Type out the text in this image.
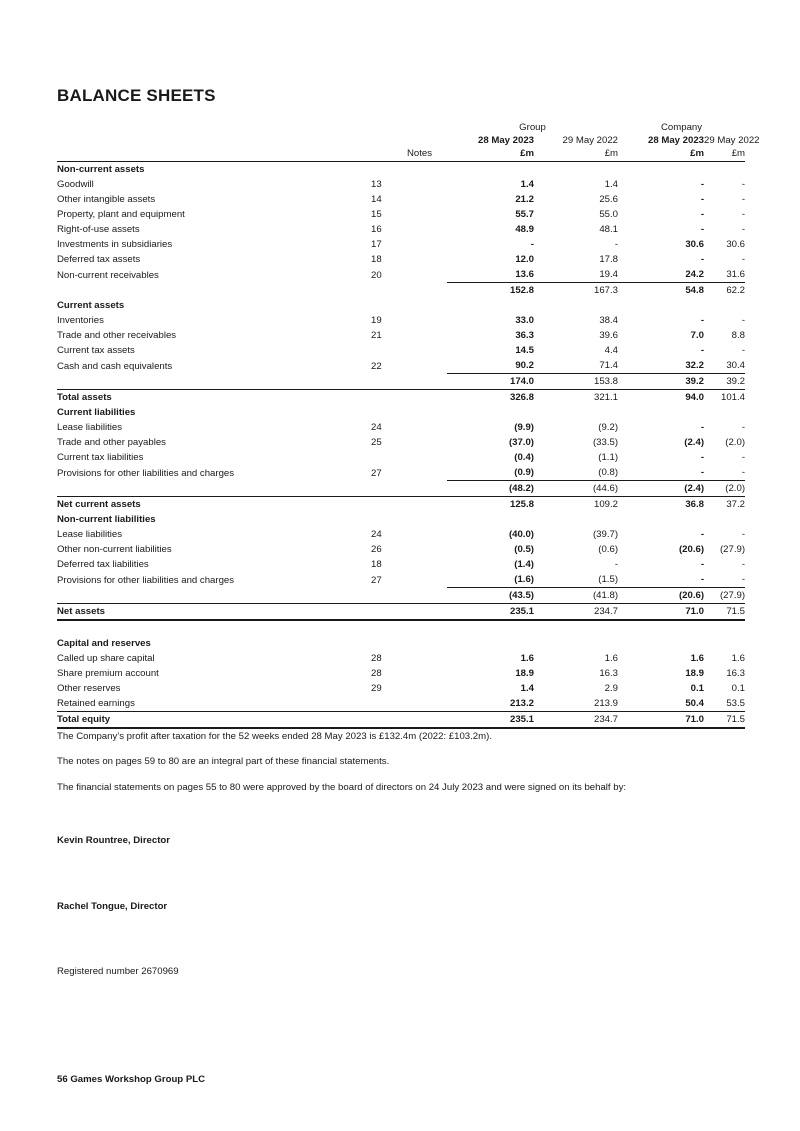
BALANCE SHEETS
		Group		Company	
		28 May 2023	29 May 2022	28 May 2023	29 May 2022
	Notes	£m	£m	£m	£m
Non-current assets					
Goodwill	13	1.4	1.4	-	-
Other intangible assets	14	21.2	25.6	-	-
Property, plant and equipment	15	55.7	55.0	-	-
Right-of-use assets	16	48.9	48.1	-	-
Investments in subsidiaries	17	-	-	30.6	30.6
Deferred tax assets	18	12.0	17.8	-	-
Non-current receivables	20	13.6	19.4	24.2	31.6
		152.8	167.3	54.8	62.2
Current assets					
Inventories	19	33.0	38.4	-	-
Trade and other receivables	21	36.3	39.6	7.0	8.8
Current tax assets		14.5	4.4	-	-
Cash and cash equivalents	22	90.2	71.4	32.2	30.4
		174.0	153.8	39.2	39.2
Total assets		326.8	321.1	94.0	101.4
Current liabilities					
Lease liabilities	24	(9.9)	(9.2)	-	-
Trade and other payables	25	(37.0)	(33.5)	(2.4)	(2.0)
Current tax liabilities		(0.4)	(1.1)	-	-
Provisions for other liabilities and charges	27	(0.9)	(0.8)	-	-
		(48.2)	(44.6)	(2.4)	(2.0)
Net current assets		125.8	109.2	36.8	37.2
Non-current liabilities					
Lease liabilities	24	(40.0)	(39.7)	-	-
Other non-current liabilities	26	(0.5)	(0.6)	(20.6)	(27.9)
Deferred tax liabilities	18	(1.4)	-	-	-
Provisions for other liabilities and charges	27	(1.6)	(1.5)	-	-
		(43.5)	(41.8)	(20.6)	(27.9)
Net assets		235.1	234.7	71.0	71.5

Capital and reserves					
Called up share capital	28	1.6	1.6	1.6	1.6
Share premium account	28	18.9	16.3	18.9	16.3
Other reserves	29	1.4	2.9	0.1	0.1
Retained earnings		213.2	213.9	50.4	53.5
Total equity		235.1	234.7	71.0	71.5

The Company’s profit after taxation for the 52 weeks ended 28 May 2023 is £132.4m (2022: £103.2m).

The notes on pages 59 to 80 are an integral part of these financial statements.

The financial statements on pages 55 to 80 were approved by the board of directors on 24 July 2023 and were signed on its behalf by:

Kevin Rountree, Director

Rachel Tongue, Director

Registered number 2670969

56 Games Workshop Group PLC
